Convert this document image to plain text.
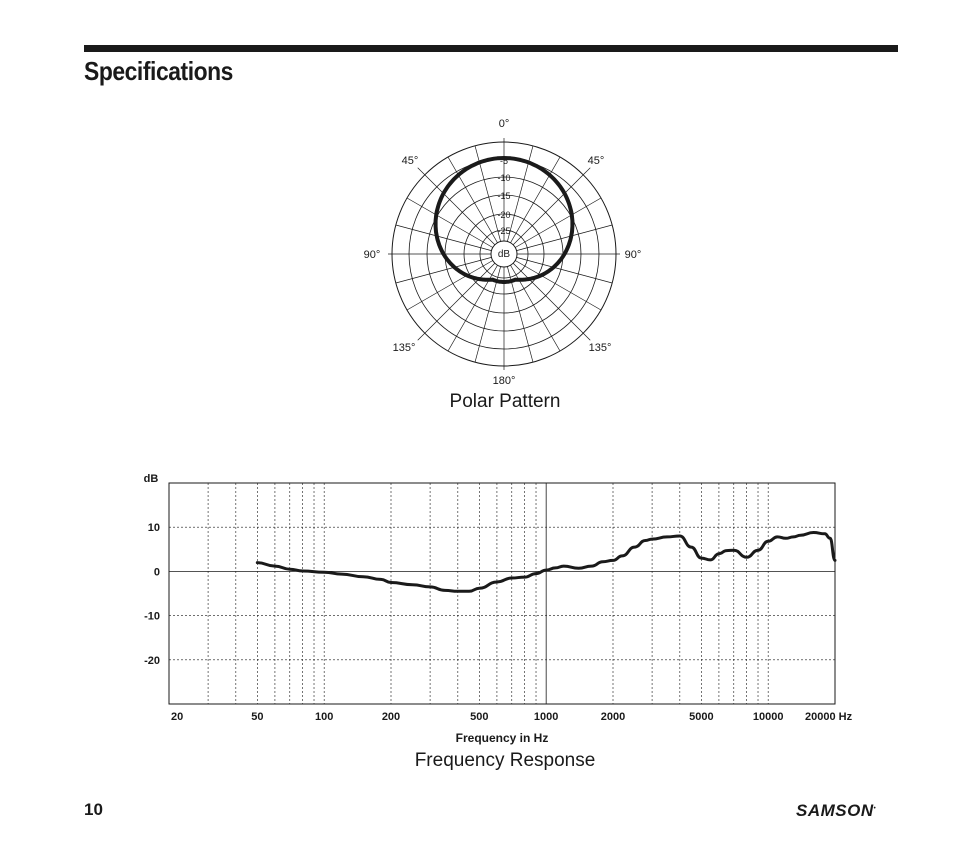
Specifications
-5
-10
-15
-20
-25
dB
0°
45°	45°
90°	90°
135°	135°
180°
20	50	100	200	500	1000	2000	5000	10000 20000 Hz
10
0
-10
-20
dB
Frequency in Hz
Polar Pattern
Frequency Response
10	SAMSON•
